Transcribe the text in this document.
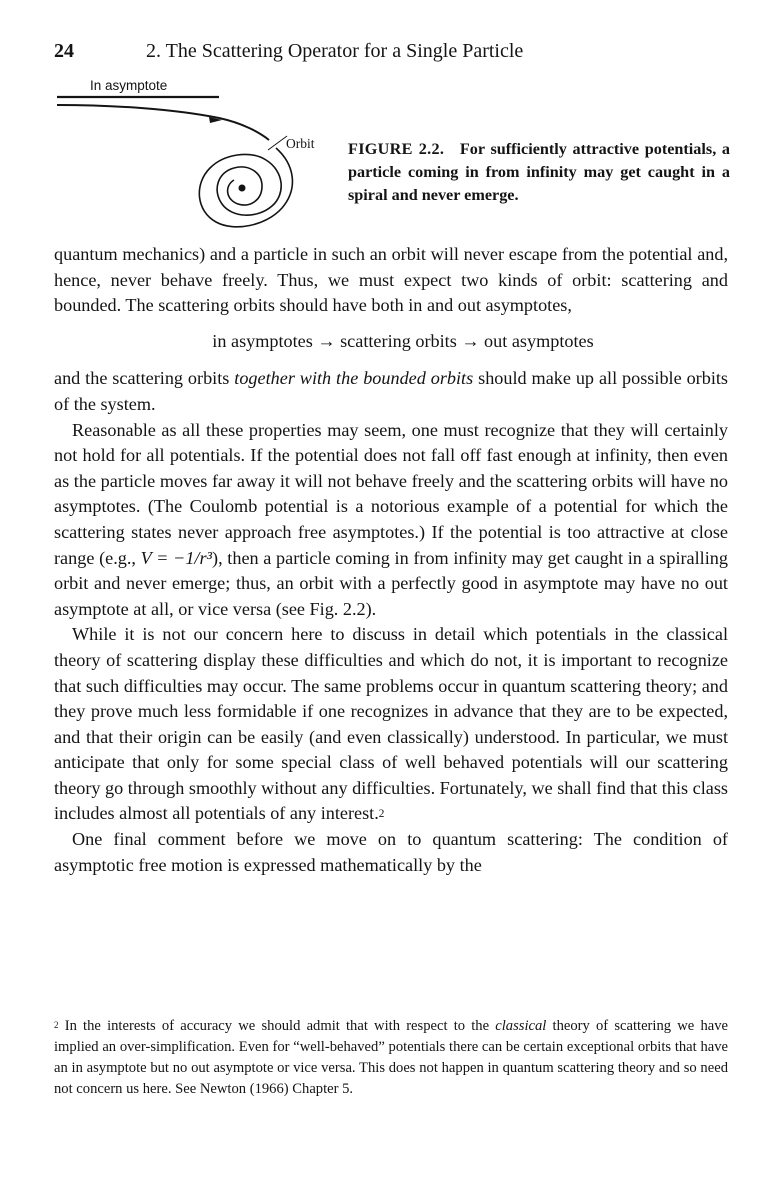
24	2. The Scattering Operator for a Single Particle
In asymptote
Orbit FIGURE 2.2. For sufficiently attractive potentials, a particle coming in from infinity may get caught in a spiral and never emerge.

quantum mechanics) and a particle in such an orbit will never escape from the potential and, hence, never behave freely. Thus, we must expect two kinds of orbit: scattering and bounded. The scattering orbits should have both in and out asymptotes,

in asymptotes → scattering orbits → out asymptotes

and the scattering orbits together with the bounded orbits should make up all possible orbits of the system.

Reasonable as all these properties may seem, one must recognize that they will certainly not hold for all potentials. If the potential does not fall off fast enough at infinity, then even as the particle moves far away it will not behave freely and the scattering orbits will have no asymptotes. (The Coulomb potential is a notorious example of a potential for which the scattering states never approach free asymptotes.) If the potential is too attractive at close range (e.g., V = −1/r³), then a particle coming in from infinity may get caught in a spiralling orbit and never emerge; thus, an orbit with a perfectly good in asymptote may have no out asymptote at all, or vice versa (see Fig. 2.2).

While it is not our concern here to discuss in detail which potentials in the classical theory of scattering display these difficulties and which do not, it is important to recognize that such difficulties may occur. The same problems occur in quantum scattering theory; and they prove much less formidable if one recognizes in advance that they are to be expected, and that their origin can be easily (and even classically) understood. In particular, we must anticipate that only for some special class of well behaved potentials will our scattering theory go through smoothly without any difficulties. Fortunately, we shall find that this class includes almost all potentials of any interest.$^2$

One final comment before we move on to quantum scattering: The condition of asymptotic free motion is expressed mathematically by the

$^2$ In the interests of accuracy we should admit that with respect to the classical theory of scattering we have implied an over-simplification. Even for “well-behaved” potentials there can be certain exceptional orbits that have an in asymptote but no out asymptote or vice versa. This does not happen in quantum scattering theory and so need not concern us here. See Newton (1966) Chapter 5.
